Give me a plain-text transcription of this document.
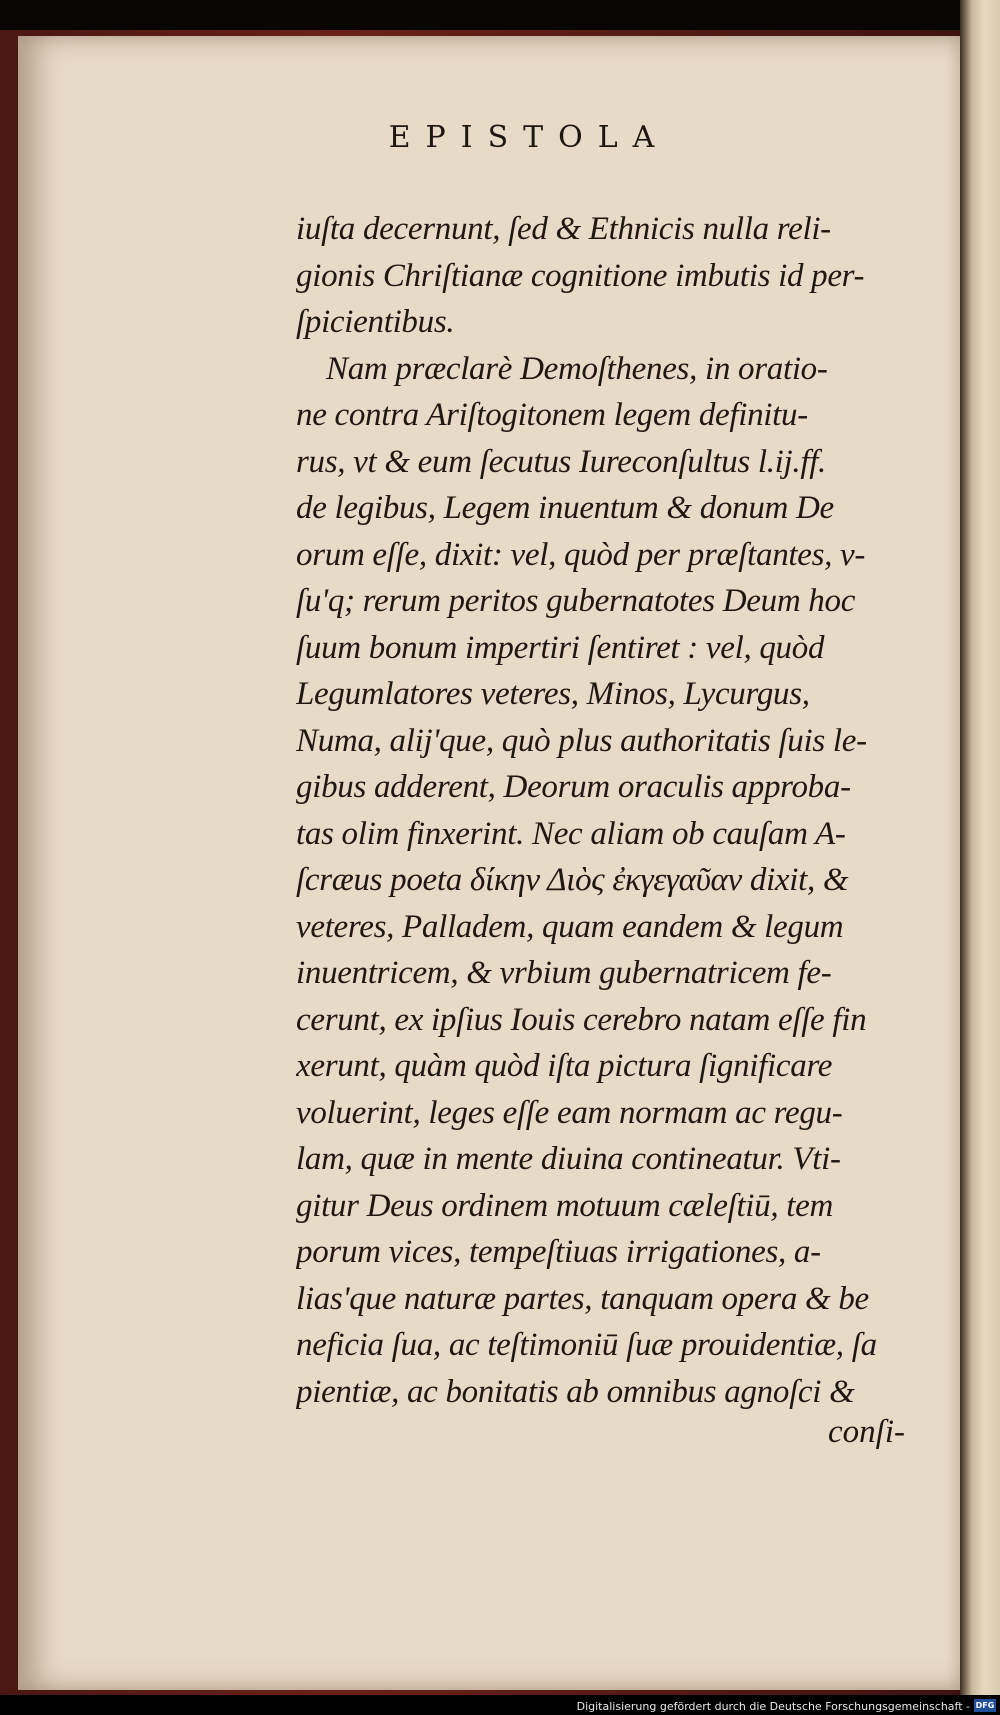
EPISTOLA
iuſta decernunt, ſed & Ethnicis nulla reli-
gionis Chriſtianæ cognitione imbutis id per-
ſpicientibus.
Nam præclarè Demoſthenes, in oratio-
ne contra Ariſtogitonem legem definitu-
rus, vt & eum ſecutus Iureconſultus l.ij.ff.
de legibus, Legem inuentum & donum De
orum eſſe, dixit: vel, quòd per præſtantes, v-
ſu'q; rerum peritos gubernatotes Deum hoc
ſuum bonum impertiri ſentiret : vel, quòd
Legumlatores veteres, Minos, Lycurgus,
Numa, alij'que, quò plus authoritatis ſuis le-
gibus adderent, Deorum oraculis approba-
tas olim finxerint. Nec aliam ob cauſam A-
ſcræus poeta δίκην Διὸς ἐκγεγαῦαν dixit, &
veteres, Palladem, quam eandem & legum
inuentricem, & vrbium gubernatricem fe-
cerunt, ex ipſius Iouis cerebro natam eſſe fin
xerunt, quàm quòd iſta pictura ſignificare
voluerint, leges eſſe eam normam ac regu-
lam, quæ in mente diuina contineatur. Vti-
gitur Deus ordinem motuum cæleſtiū, tem
porum vices, tempeſtiuas irrigationes, a-
lias'que naturæ partes, tanquam opera & be
neficia ſua, ac teſtimoniū ſuæ prouidentiæ, ſa
pientiæ, ac bonitatis ab omnibus agnoſci &
conſi-
Digitalisierung gefördert durch die Deutsche Forschungsgemeinschaft - DFG
